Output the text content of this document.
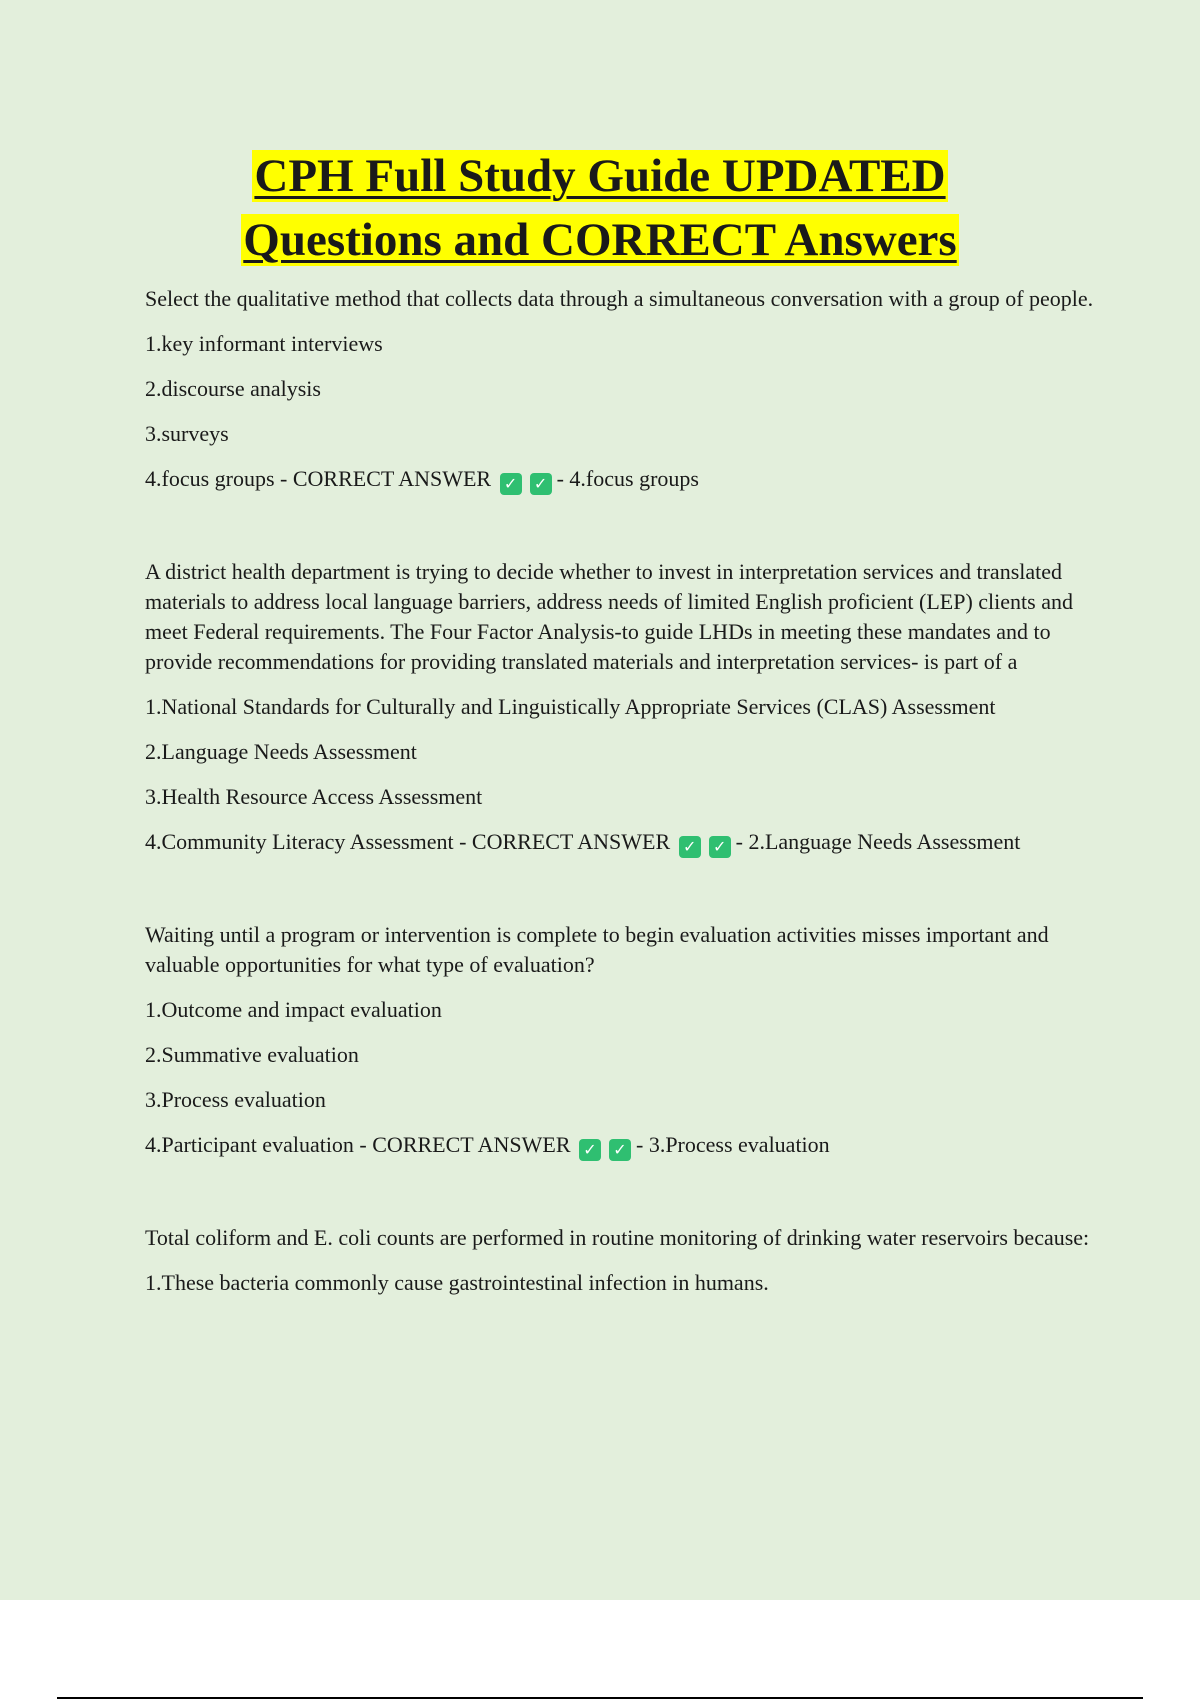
CPH Full Study Guide UPDATED
Questions and CORRECT Answers

Select the qualitative method that collects data through a simultaneous conversation with a group of people.

1.key informant interviews

2.discourse analysis

3.surveys

4.focus groups - CORRECT ANSWER ✓ ✓ - 4.focus groups

A district health department is trying to decide whether to invest in interpretation services and translated materials to address local language barriers, address needs of limited English proficient (LEP) clients and meet Federal requirements. The Four Factor Analysis-to guide LHDs in meeting these mandates and to provide recommendations for providing translated materials and interpretation services- is part of a

1.National Standards for Culturally and Linguistically Appropriate Services (CLAS) Assessment

2.Language Needs Assessment

3.Health Resource Access Assessment

4.Community Literacy Assessment - CORRECT ANSWER ✓ ✓ - 2.Language Needs Assessment

Waiting until a program or intervention is complete to begin evaluation activities misses important and valuable opportunities for what type of evaluation?

1.Outcome and impact evaluation

2.Summative evaluation

3.Process evaluation

4.Participant evaluation - CORRECT ANSWER ✓ ✓ - 3.Process evaluation

Total coliform and E. coli counts are performed in routine monitoring of drinking water reservoirs because:

1.These bacteria commonly cause gastrointestinal infection in humans.
